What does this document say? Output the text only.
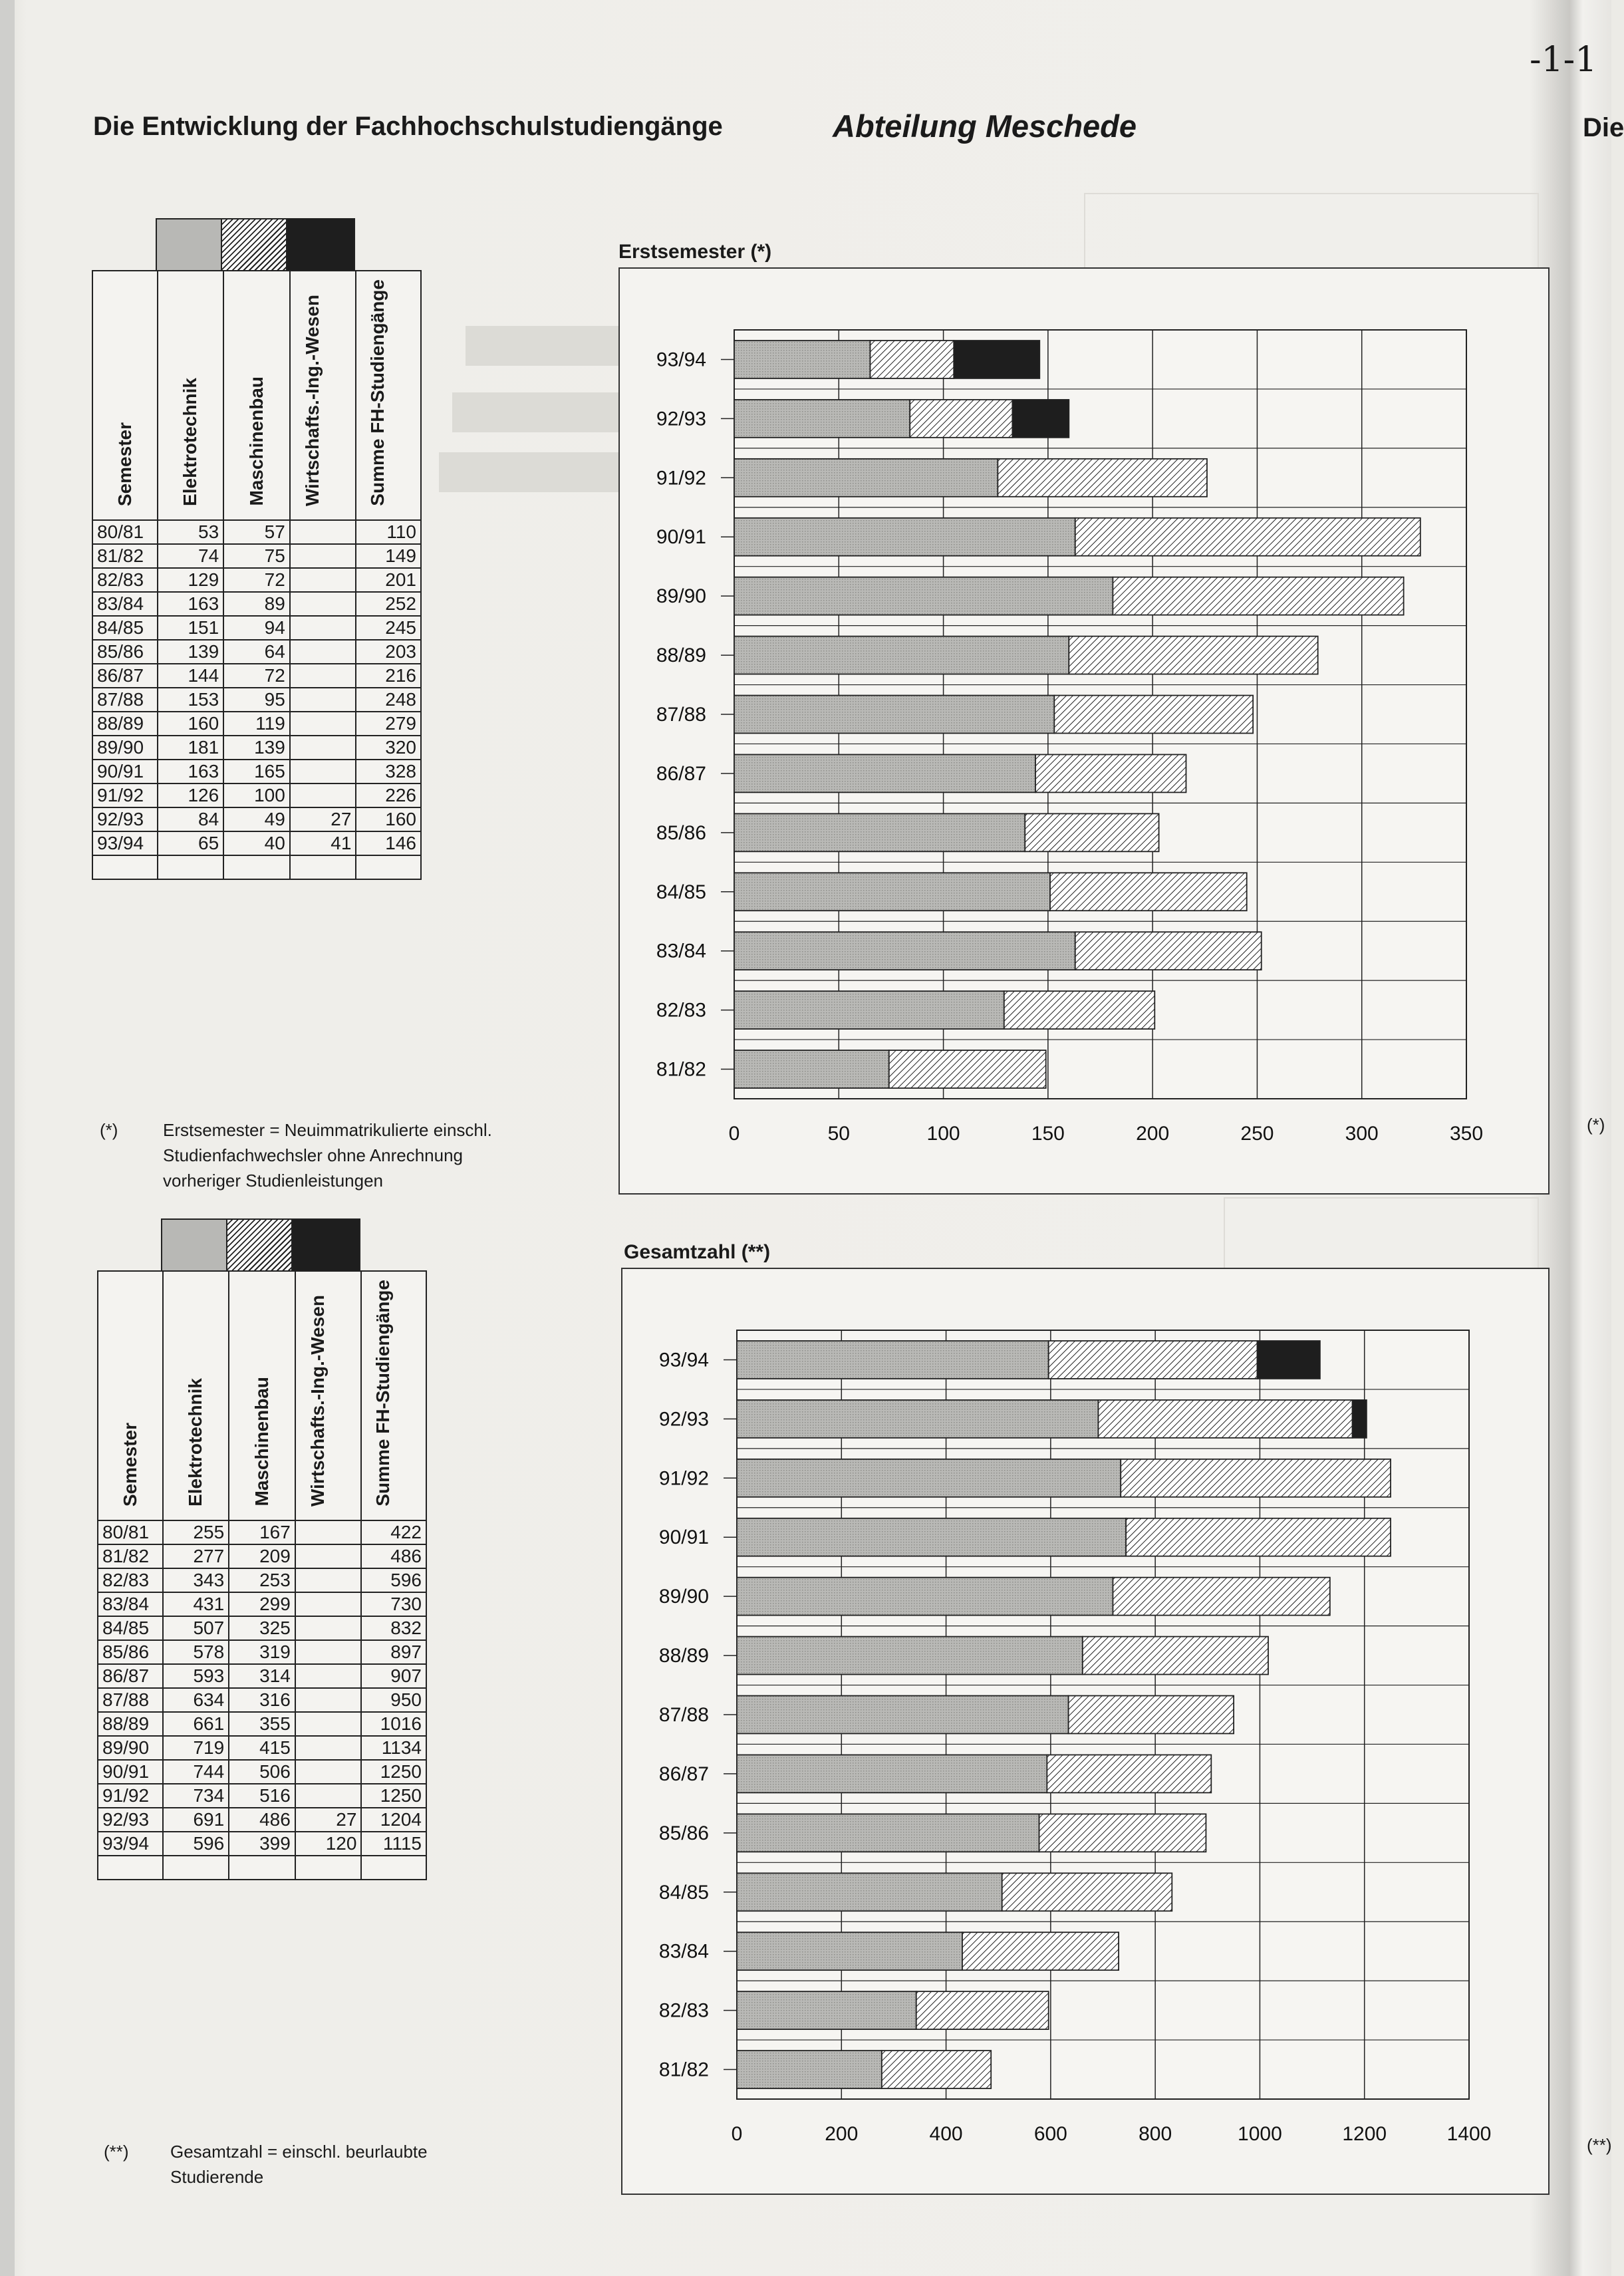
Die Entwicklung der Fachhochschulstudiengänge	Abteilung Meschede
-1-1
Die
Semester	Elektrotechnik	Maschinenbau	Wirtschafts.-Ing.-Wesen	Summe FH-Studiengänge
80/81	53	57		110
81/82	74	75		149
82/83	129	72		201
83/84	163	89		252
84/85	151	94		245
85/86	139	64		203
86/87	144	72		216
87/88	153	95		248
88/89	160	119		279
89/90	181	139		320
90/91	163	165		328
91/92	126	100		226
92/93	84	49	27	160
93/94	65	40	41	146

(*)	Erstsemester = Neuimmatrikulierte einschl.
Studienfachwechsler ohne Anrechnung
vorheriger Studienleistungen
Erstsemester (*)
0	50	100	150	200	250	300	350
93/94
92/93
91/92
90/91
89/90
88/89
87/88
86/87
85/86
84/85
83/84
82/83
81/82
Semester	Elektrotechnik	Maschinenbau	Wirtschafts.-Ing.-Wesen	Summe FH-Studiengänge
80/81	255	167		422
81/82	277	209		486
82/83	343	253		596
83/84	431	299		730
84/85	507	325		832
85/86	578	319		897
86/87	593	314		907
87/88	634	316		950
88/89	661	355		1016
89/90	719	415		1134
90/91	744	506		1250
91/92	734	516		1250
92/93	691	486	27	1204
93/94	596	399	120	1115

(**) Gesamtzahl = einschl. beurlaubte
Studierende
Gesamtzahl (**)
0	200	400	600	800	1000	1200	1400
93/94
92/93
91/92
90/91
89/90
88/89
87/88
86/87
85/86
84/85
83/84
82/83
81/82
(*)
(**)
